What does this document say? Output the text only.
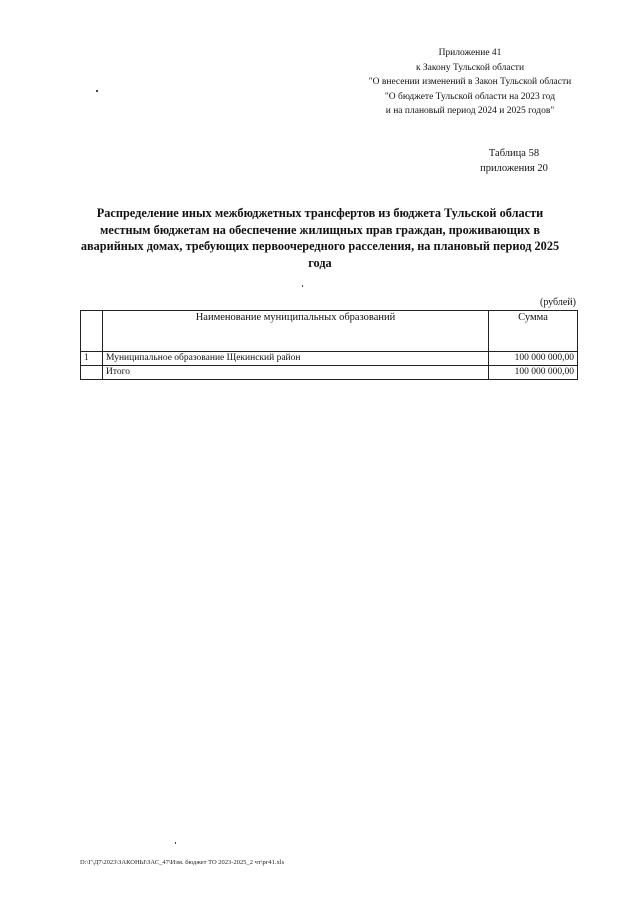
Приложение 41
к Закону Тульской области
"О внесении изменений в Закон Тульской области
"О бюджете Тульской области на 2023 год
и на плановый период 2024 и 2025 годов"
Таблица 58
приложения 20
Распределение иных межбюджетных трансфертов из бюджета Тульской области
местным бюджетам на обеспечение жилищных прав граждан, проживающих в
аварийных домах, требующих первоочередного расселения, на плановый период 2025
года
(рублей)
	Наименование муниципальных образований	Сумма
1	Муниципальное образование Щекинский район	100 000 000,00
	Итого	100 000 000,00
D:\Г\Д7\2023\ЗАКОНЫ\ЗАС_47\Изм. бюджет ТО 2023-2025_2 чт\рг41.xls
